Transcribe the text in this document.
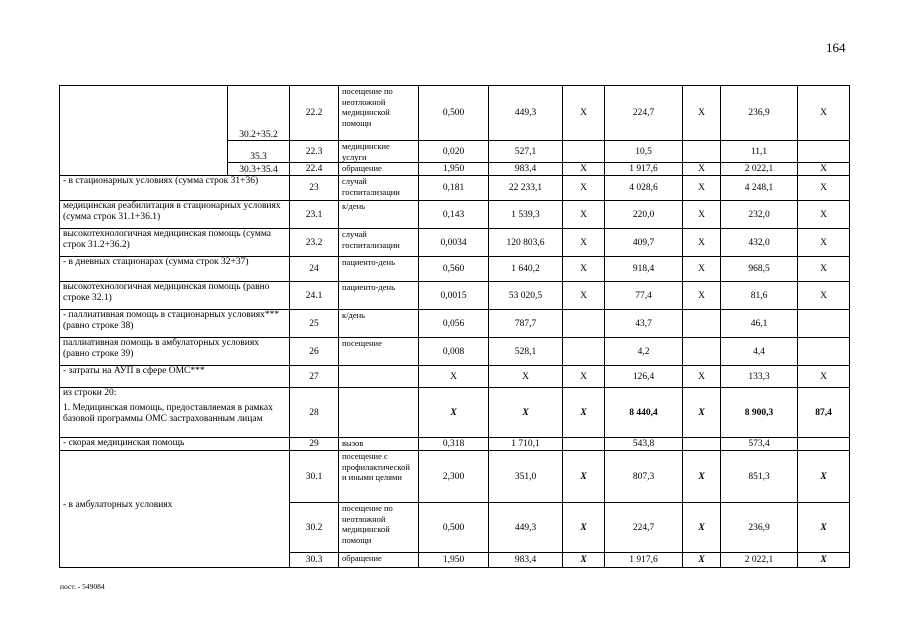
164
	30.2+35.2	22.2	посещение по неотложной медицинской помощи	0,500	449,3	Х	224,7	Х	236,9	Х
	35.3	22.3	медицинские услуги	0,020	527,1		10,5		11,1	
	30.3+35.4	22.4	обращение	1,950	983,4	Х	1 917,6	Х	2 022,1	Х
- в стационарных условиях (сумма строк 31+36)		23	случай госпитализации	0,181	22 233,1	Х	4 028,6	Х	4 248,1	Х
медицинская реабилитация в стационарных условиях (сумма строк 31.1+36.1)		23.1	к/день	0,143	1 539,3	Х	220,0	Х	232,0	Х
высокотехнологичная медицинская помощь (сумма строк 31.2+36.2)		23.2	случай госпитализации	0,0034	120 803,6	Х	409,7	Х	432,0	Х
- в дневных стационарах (сумма строк 32+37)		24	пациенто-день	0,560	1 640,2	Х	918,4	Х	968,5	Х
высокотехнологичная медицинская помощь (равно строке 32.1)		24.1	пациенто-день	0,0015	53 020,5	Х	77,4	Х	81,6	Х
- паллиативная помощь в стационарных условиях*** (равно строке 38)		25	к/день	0,056	787,7		43,7		46,1	
паллиативная помощь в амбулаторных условиях (равно строке 39)		26	посещение	0,008	528,1		4,2		4,4	
- затраты на АУП в сфере ОМС***		27		Х	Х	Х	126,4	Х	133,3	Х

из строки 20:
1. Медицинская помощь, предоставляемая в рамках базовой программы ОМС застрахованным лицам		28		Х	Х	Х	8 440,4	Х	8 900,3	87,4
- скорая медицинская помощь		29	вызов	0,318	1 710,1		543,8		573,4	

- в амбулаторных условиях		30.1	посещение с профилактической и иными целями	2,300	351,0	Х	807,3	Х	851,3	Х
		30.2	посещение по неотложной медицинской помощи	0,500	449,3	Х	224,7	Х	236,9	Х
		30.3	обращение	1,950	983,4	Х	1 917,6	Х	2 022,1	Х
пост. - 549084
